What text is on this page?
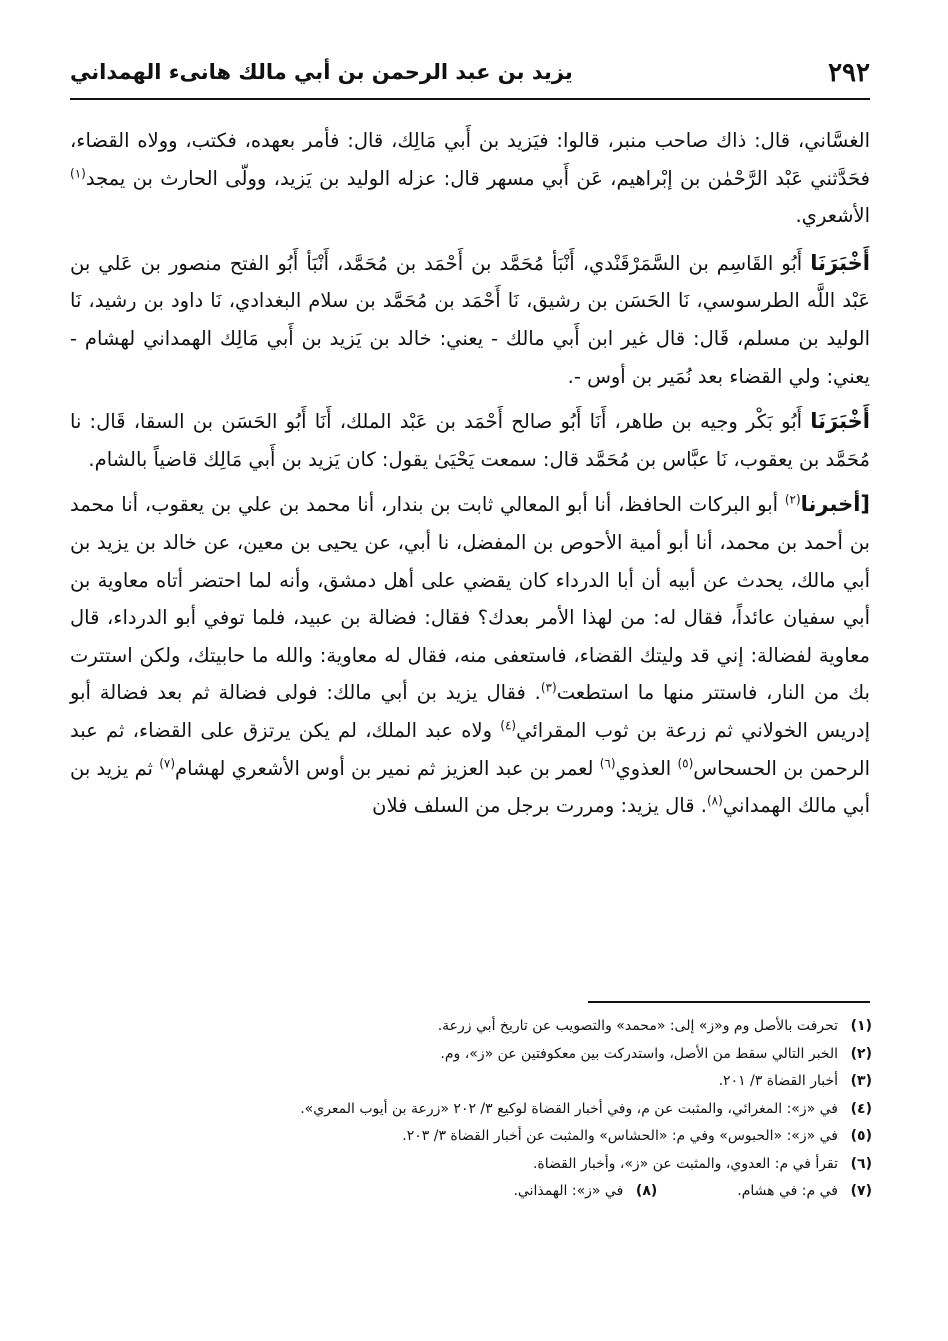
٢٩٢
يزيد بن عبد الرحمن بن أبي مالك هانىء الهمداني

الغسَّاني، قال: ذاك صاحب منبر، قالوا: فيَزيد بن أَبي مَالِك، قال: فأمر بعهده، فكتب، وولاه القضاء، فحَدَّثني عَبْد الرَّحْمٰن بن إبْراهيم، عَن أَبي مسهر قال: عزله الوليد بن يَزيد، وولّى الحارث بن يمجد$^{(١)}$ الأشعري.

أَخْبَرَنَا أَبُو القَاسِم بن السَّمَرْقَنْدي، أَنْبَأ مُحَمَّد بن أَحْمَد بن مُحَمَّد، أَنْبَأ أَبُو الفتح منصور بن عَلي بن عَبْد اللَّه الطرسوسي، نَا الحَسَن بن رشيق، نَا أَحْمَد بن مُحَمَّد بن سلام البغدادي، نَا داود بن رشيد، نَا الوليد بن مسلم، قَال: قال غير ابن أَبي مالك - يعني: خالد بن يَزيد بن أَبي مَالِك الهمداني لهشام - يعني: ولي القضاء بعد نُمَير بن أوس -.

أَخْبَرَنَا أَبُو بَكْر وجيه بن طاهر، أَنَا أَبُو صالح أَحْمَد بن عَبْد الملك، أَنَا أَبُو الحَسَن بن السقا، قَال: نا مُحَمَّد بن يعقوب، نَا عبَّاس بن مُحَمَّد قال: سمعت يَحْيَىٰ يقول: كان يَزيد بن أَبي مَالِك قاضياً بالشام.

[أخبرنا$^{(٢)}$ أبو البركات الحافظ، أنا أبو المعالي ثابت بن بندار، أنا محمد بن علي بن يعقوب، أنا محمد بن أحمد بن محمد، أنا أبو أمية الأحوص بن المفضل، نا أبي، عن يحيى بن معين، عن خالد بن يزيد بن أبي مالك، يحدث عن أبيه أن أبا الدرداء كان يقضي على أهل دمشق، وأنه لما احتضر أتاه معاوية بن أبي سفيان عائداً، فقال له: من لهذا الأمر بعدك؟ فقال: فضالة بن عبيد، فلما توفي أبو الدرداء، قال معاوية لفضالة: إني قد وليتك القضاء، فاستعفى منه، فقال له معاوية: والله ما حابيتك، ولكن استترت بك من النار، فاستتر منها ما استطعت$^{(٣)}$. فقال يزيد بن أبي مالك: فولى فضالة ثم بعد فضالة أبو إدريس الخولاني ثم زرعة بن ثوب المقرائي$^{(٤)}$ ولاه عبد الملك، لم يكن يرتزق على القضاء، ثم عبد الرحمن بن الحسحاس$^{(٥)}$ العذوي$^{(٦)}$ لعمر بن عبد العزيز ثم نمير بن أوس الأشعري لهشام$^{(٧)}$ ثم يزيد بن أبي مالك الهمداني$^{(٨)}$. قال يزيد: ومررت برجل من السلف فلان

(١)تحرفت بالأصل وم و«ز» إلى: «محمد» والتصويب عن تاريخ أبي زرعة.
(٢)الخبر التالي سقط من الأصل، واستدركت بين معكوفتين عن «ز»، وم.
(٣)أخبار القضاة ٣/ ٢٠١.
(٤)في «ز»: المغرائي، والمثبت عن م، وفي أخبار القضاة لوكيع ٣/ ٢٠٢ «زرعة بن أيوب المعري».
(٥)في «ز»: «الحبوس» وفي م: «الحشاس» والمثبت عن أخبار القضاة ٣/ ٢٠٣.
(٦)تقرأ في م: العدوي، والمثبت عن «ز»، وأخبار القضاة.
(٧)في م: في هشام.
(٨)في «ز»: الهمذاني.
